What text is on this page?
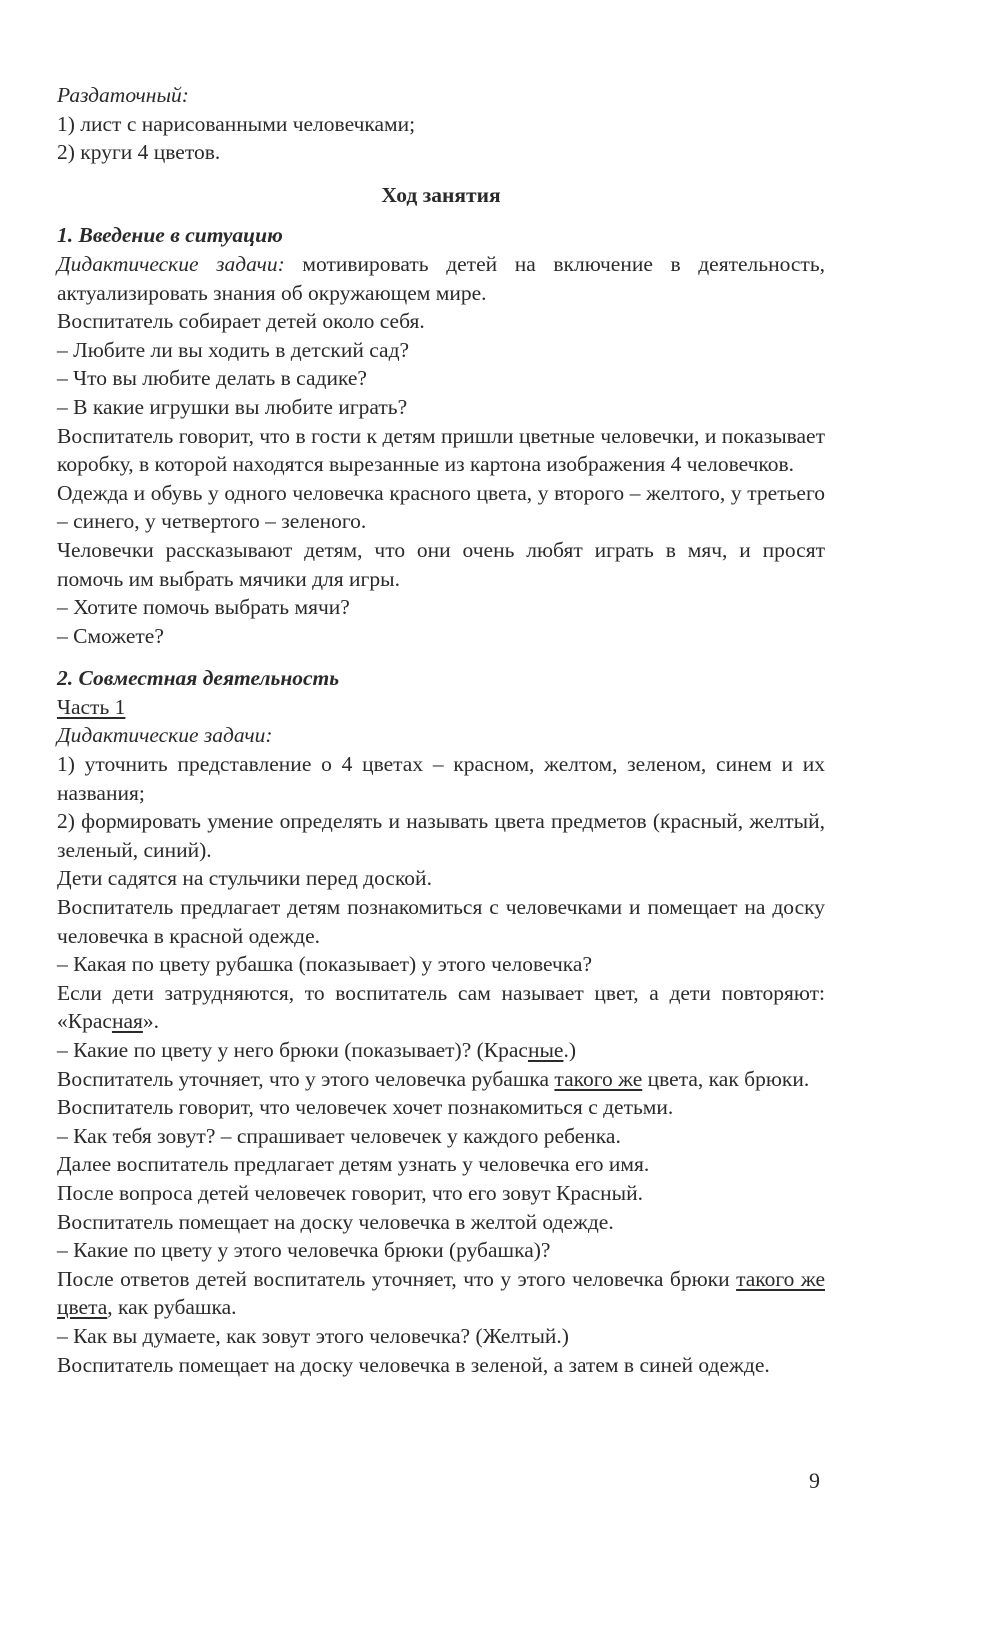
Раздаточный:

1) лист с нарисованными человечками;

2) круги 4 цветов.

Ход занятия

1. Введение в ситуацию

Дидактические задачи: мотивировать детей на включение в деятельность, актуализировать знания об окружающем мире.

Воспитатель собирает детей около себя.

– Любите ли вы ходить в детский сад?

– Что вы любите делать в садике?

– В какие игрушки вы любите играть?

Воспитатель говорит, что в гости к детям пришли цветные человечки, и показывает коробку, в которой находятся вырезанные из картона изображения 4 человечков.

Одежда и обувь у одного человечка красного цвета, у второго – желтого, у третьего – синего, у четвертого – зеленого.

Человечки рассказывают детям, что они очень любят играть в мяч, и просят помочь им выбрать мячики для игры.

– Хотите помочь выбрать мячи?

– Сможете?

2. Совместная деятельность

Часть 1

Дидактические задачи:

1) уточнить представление о 4 цветах – красном, желтом, зеленом, синем и их названия;

2) формировать умение определять и называть цвета предметов (красный, желтый, зеленый, синий).

Дети садятся на стульчики перед доской.

Воспитатель предлагает детям познакомиться с человечками и помещает на доску человечка в красной одежде.

– Какая по цвету рубашка (показывает) у этого человечка?

Если дети затрудняются, то воспитатель сам называет цвет, а дети повторяют: «Красная».

– Какие по цвету у него брюки (показывает)? (Красные.)

Воспитатель уточняет, что у этого человечка рубашка такого же цвета, как брюки.

Воспитатель говорит, что человечек хочет познакомиться с детьми.

– Как тебя зовут? – спрашивает человечек у каждого ребенка.

Далее воспитатель предлагает детям узнать у человечка его имя.

После вопроса детей человечек говорит, что его зовут Красный.

Воспитатель помещает на доску человечка в желтой одежде.

– Какие по цвету у этого человечка брюки (рубашка)?

После ответов детей воспитатель уточняет, что у этого человечка брюки такого же цвета, как рубашка.

– Как вы думаете, как зовут этого человечка? (Желтый.)

Воспитатель помещает на доску человечка в зеленой, а затем в синей одежде.

9
